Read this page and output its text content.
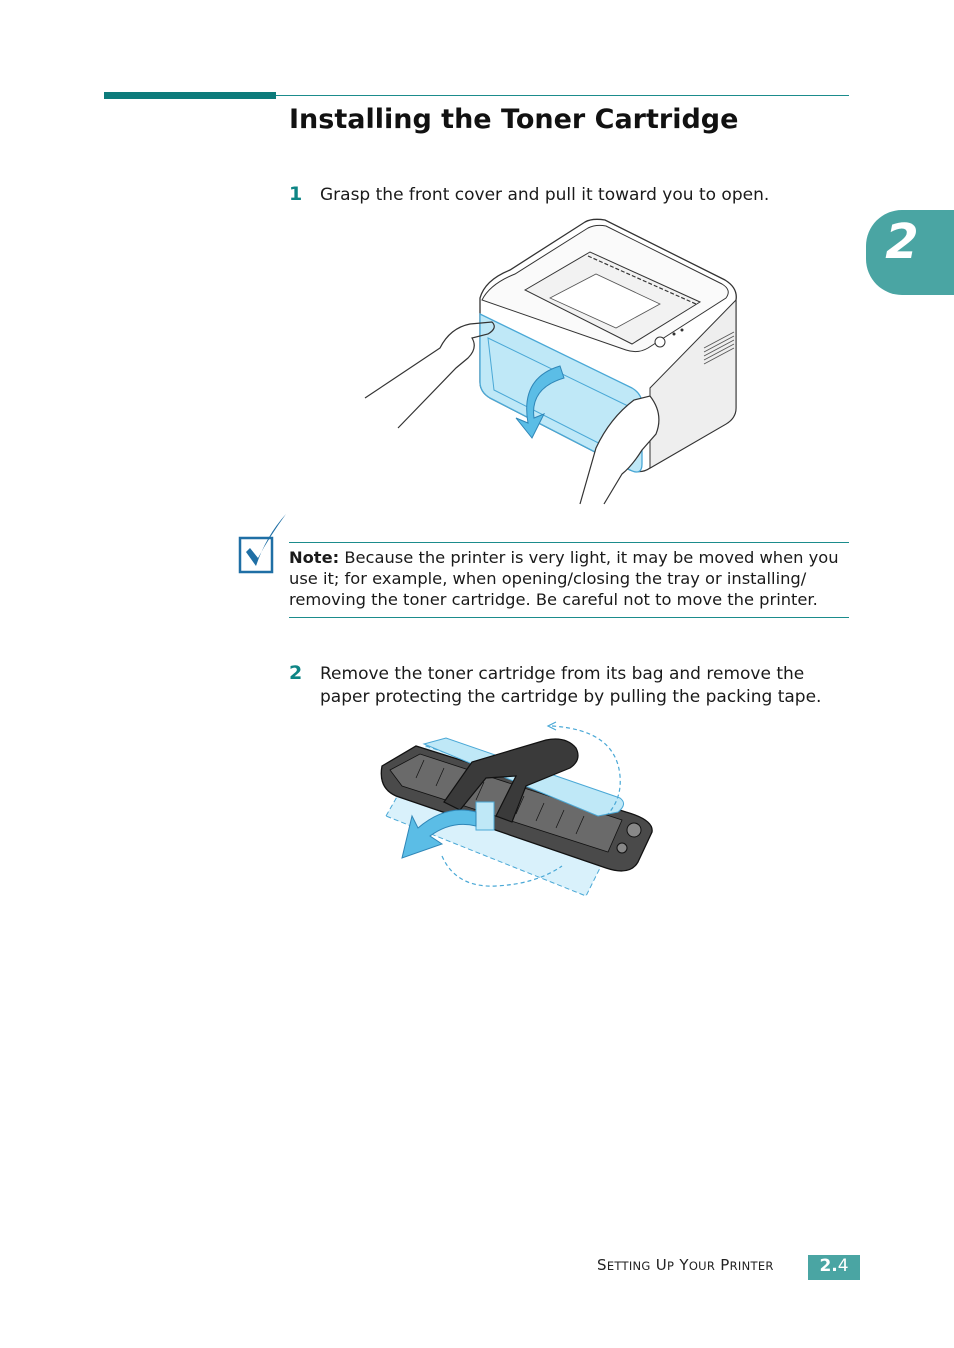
Installing the Toner Cartridge
2
1 Grasp the front cover and pull it toward you to open.
Note: Because the printer is very light, it may be moved when you
use it; for example, when opening/closing the tray or installing/
removing the toner cartridge. Be careful not to move the printer.
2 Remove the toner cartridge from its bag and remove the
paper protecting the cartridge by pulling the packing tape.
SETTING UP YOUR PRINTER	2.4
